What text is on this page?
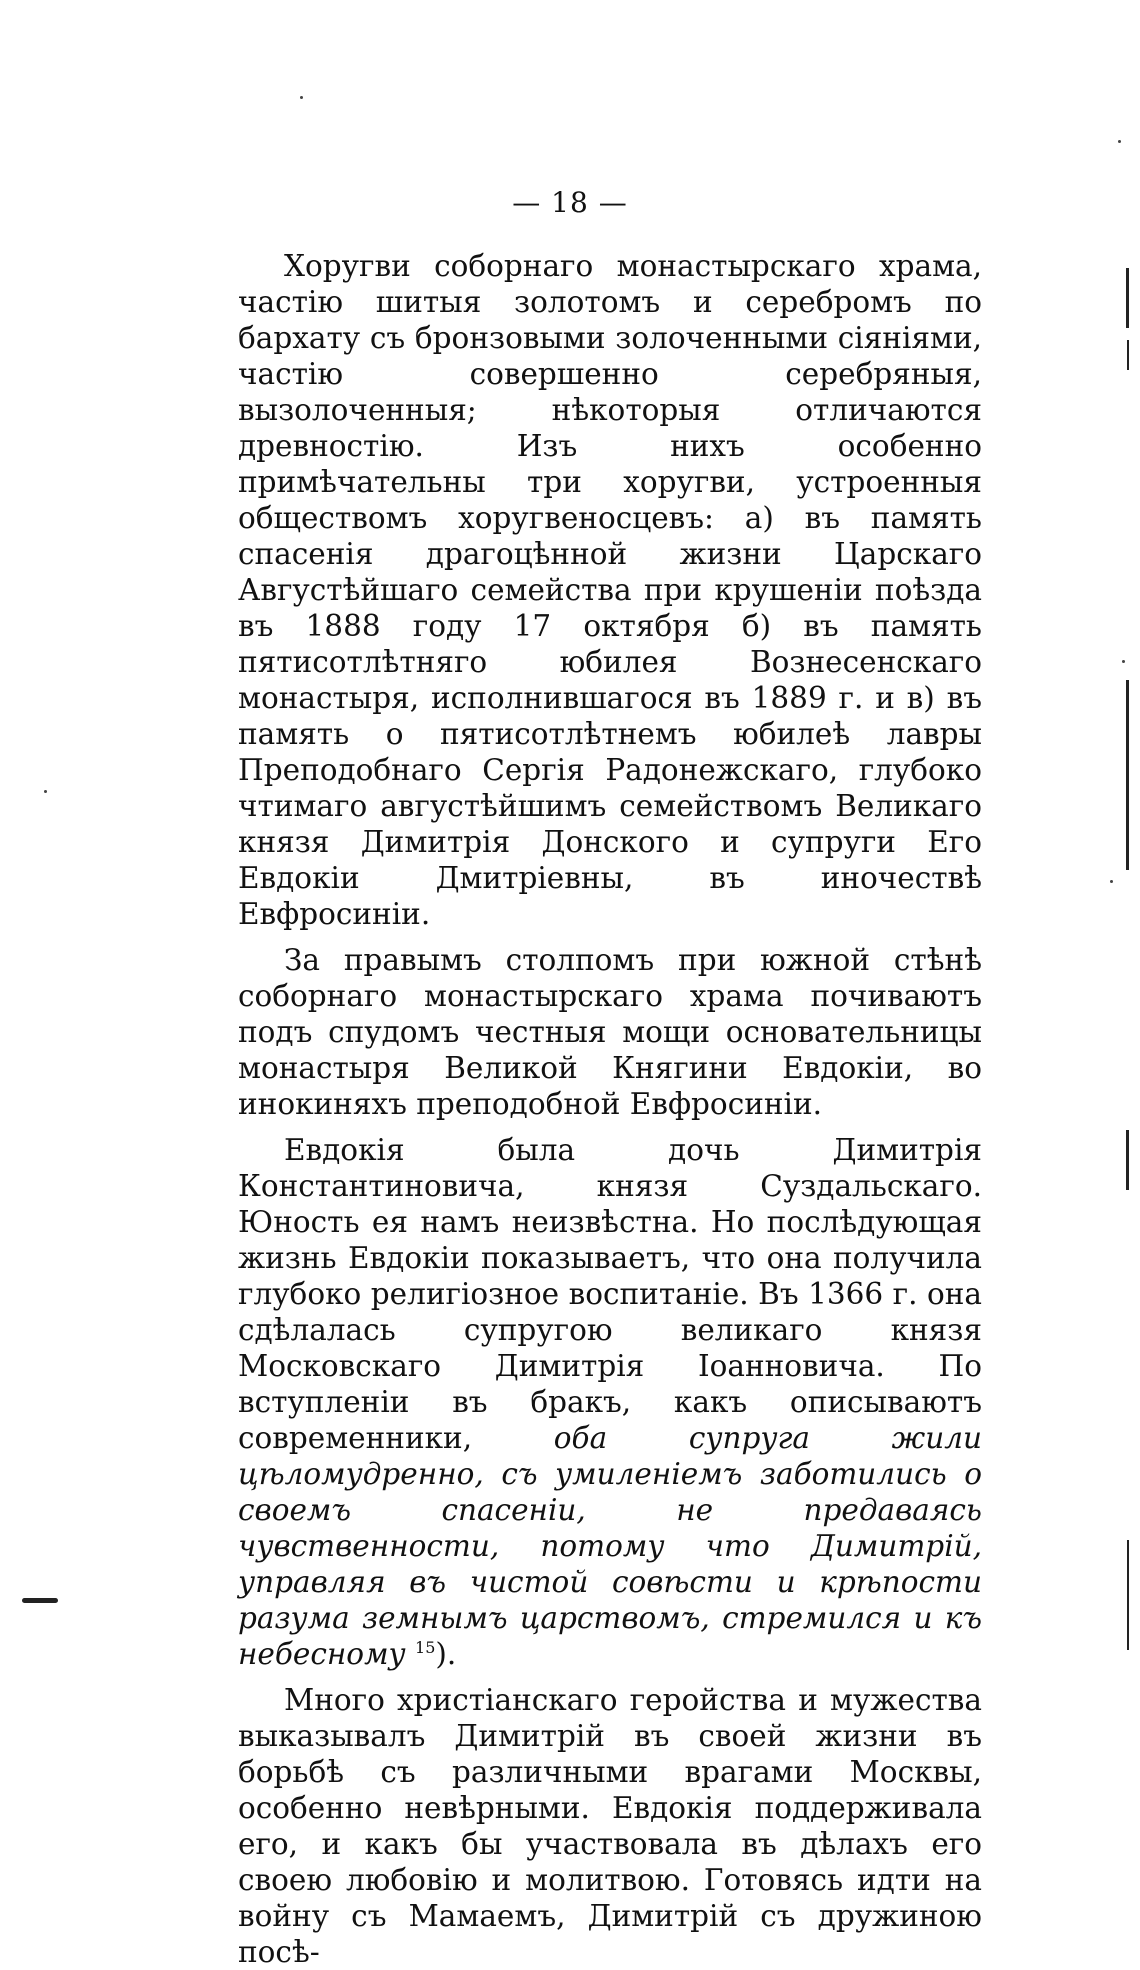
— 18 —

Хоругви соборнаго монастырскаго храма, частію шитыя золотомъ и серебромъ по бархату съ бронзовыми золоченными сіяніями, частію совершенно серебряныя, вызолоченныя; нѣкоторыя отличаются древностію. Изъ нихъ особенно примѣчательны три хоругви, устроенныя обществомъ хоругвеносцевъ: а) въ память спасенія драгоцѣнной жизни Царскаго Августѣйшаго семейства при крушеніи поѣзда въ 1888 году 17 октября б) въ память пятисотлѣтняго юбилея Вознесенскаго монастыря, исполнившагося въ 1889 г. и в) въ память о пятисотлѣтнемъ юбилеѣ лавры Преподобнаго Сергія Радонежскаго, глубоко чтимаго августѣйшимъ семействомъ Великаго князя Димитрія Донского и супруги Его Евдокіи Дмитріевны, въ иночествѣ Евфросиніи.

За правымъ столпомъ при южной стѣнѣ соборнаго монастырскаго храма почиваютъ подъ спудомъ честныя мощи основательницы монастыря Великой Княгини Евдокіи, во инокиняхъ преподобной Евфросиніи.

Евдокія была дочь Димитрія Константиновича, князя Суздальскаго. Юность ея намъ неизвѣстна. Но послѣдующая жизнь Евдокіи показываетъ, что она получила глубоко религіозное воспитаніе. Въ 1366 г. она сдѣлалась супругою великаго князя Московскаго Димитрія Іоанновича. По вступленіи въ бракъ, какъ описываютъ современники, оба супруга жили цѣломудренно, съ умиленіемъ заботились о своемъ спасеніи, не предаваясь чувственности, потому что Димитрій, управляя въ чистой совѣсти и крѣпости разума земнымъ царствомъ, стремился и къ небесному $^{15}$).

Много христіанскаго геройства и мужества выказывалъ Димитрій въ своей жизни въ борьбѣ съ различными врагами Москвы, особенно невѣрными. Евдокія поддерживала его, и какъ бы участвовала въ дѣлахъ его своею любовію и молитвою. Готовясь идти на войну съ Мамаемъ, Димитрій съ дружиною посѣ-
